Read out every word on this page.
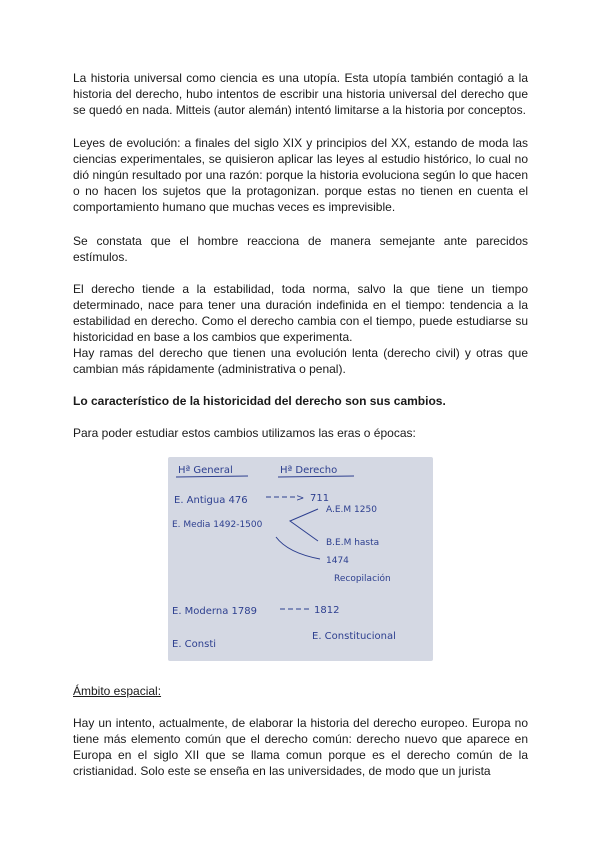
La historia universal como ciencia es una utopía. Esta utopía también contagió a la historia del derecho, hubo intentos de escribir una historia universal del derecho que se quedó en nada. Mitteis (autor alemán) intentó limitarse a la historia por conceptos.

Leyes de evolución: a finales del siglo XIX y principios del XX, estando de moda las ciencias experimentales, se quisieron aplicar las leyes al estudio histórico, lo cual no dió ningún resultado por una razón: porque la historia evoluciona según lo que hacen o no hacen los sujetos que la protagonizan. porque estas no tienen en cuenta el comportamiento humano que muchas veces es imprevisible.

Se constata que el hombre reacciona de manera semejante ante parecidos estímulos.

El derecho tiende a la estabilidad, toda norma, salvo la que tiene un tiempo determinado, nace para tener una duración indefinida en el tiempo: tendencia a la estabilidad en derecho. Como el derecho cambia con el tiempo, puede estudiarse su historicidad en base a los cambios que experimenta.

Hay ramas del derecho que tienen una evolución lenta (derecho civil) y otras que cambian más rápidamente (administrativa o penal).

Lo característico de la historicidad del derecho son sus cambios.

Para poder estudiar estos cambios utilizamos las eras o épocas:

Hª General	Hª Derecho
E. Antigua 476	> 711
E. Media 1492-1500
A.E.M 1250
B.E.M hasta
1474
Recopilación
E. Moderna 1789	1812
E. Consti
E. Constitucional

Ámbito espacial:

Hay un intento, actualmente, de elaborar la historia del derecho europeo. Europa no tiene más elemento común que el derecho común: derecho nuevo que aparece en Europa en el siglo XII que se llama comun porque es el derecho común de la cristianidad. Solo este se enseña en las universidades, de modo que un jurista
